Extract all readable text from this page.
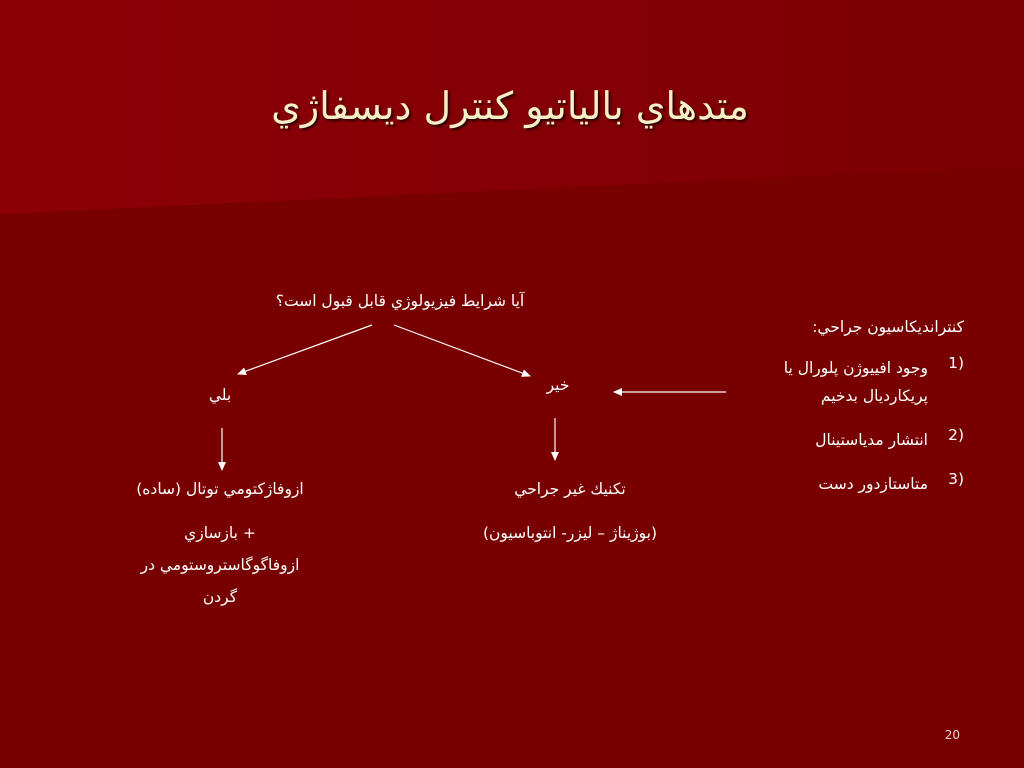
متدهاي بالياتيو كنترل ديسفاژي
آيا شرايط فيزيولوژي قابل قبول است؟
بلي
ازوفاژكتومي توتال (ساده)
+ بازسازي
ازوفاگوگاستروستومي در
گردن
خير
تكنيك غير جراحي
(بوژيناژ – ليزر- انتوباسيون)
كنترانديكاسيون جراحي:
1)
وجود افييوژن پلورال يا پريكارديال بدخيم
2)
انتشار مدياستينال
3)
متاستازدور دست
20
